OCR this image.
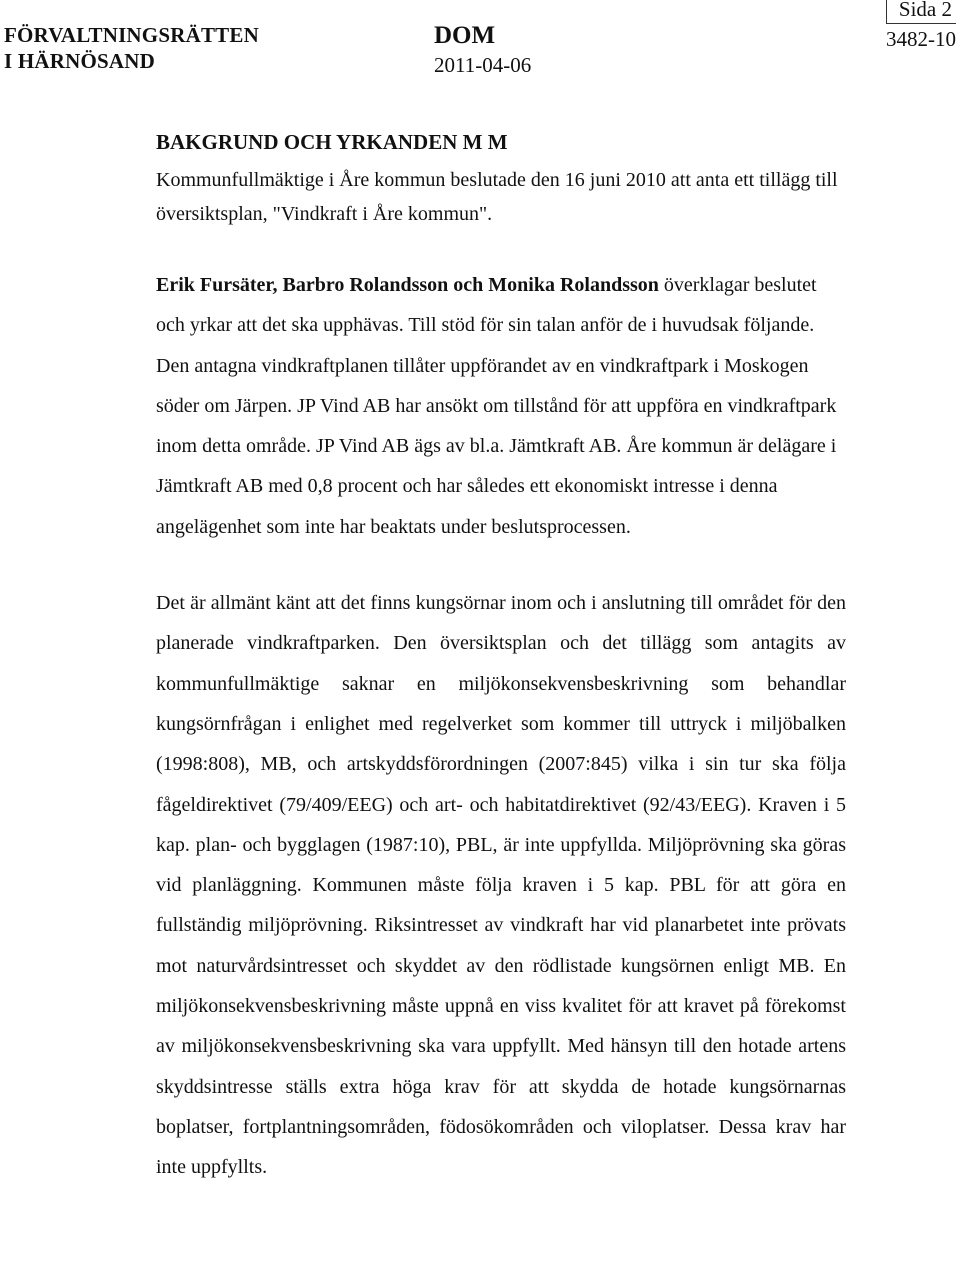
FÖRVALTNINGSRÄTTEN
I HÄRNÖSAND
DOM
2011-04-06
Sida 2
3482-10
BAKGRUND OCH YRKANDEN M M

Kommunfullmäktige i Åre kommun beslutade den 16 juni 2010 att anta ett tillägg till översiktsplan, "Vindkraft i Åre kommun".

Erik Fursäter, Barbro Rolandsson och Monika Rolandsson överklagar beslutet och yrkar att det ska upphävas. Till stöd för sin talan anför de i huvudsak följande. Den antagna vindkraftplanen tillåter uppförandet av en vindkraftpark i Moskogen söder om Järpen. JP Vind AB har ansökt om tillstånd för att uppföra en vindkraftpark inom detta område. JP Vind AB ägs av bl.a. Jämtkraft AB. Åre kommun är delägare i Jämtkraft AB med 0,8 procent och har således ett ekonomiskt intresse i denna angelägenhet som inte har beaktats under beslutsprocessen.

Det är allmänt känt att det finns kungsörnar inom och i anslutning till området för den planerade vindkraftparken. Den översiktsplan och det tillägg som antagits av kommunfullmäktige saknar en miljökonsekvensbeskrivning som behandlar kungsörnfrågan i enlighet med regelverket som kommer till uttryck i miljöbalken (1998:808), MB, och artskyddsförordningen (2007:845) vilka i sin tur ska följa fågeldirektivet (79/409/EEG) och art- och habitatdirektivet (92/43/EEG). Kraven i 5 kap. plan- och bygglagen (1987:10), PBL, är inte uppfyllda. Miljöprövning ska göras vid planläggning. Kommunen måste följa kraven i 5 kap. PBL för att göra en fullständig miljöprövning. Riksintresset av vindkraft har vid planarbetet inte prövats mot naturvårdsintresset och skyddet av den rödlistade kungsörnen enligt MB. En miljökonsekvensbeskrivning måste uppnå en viss kvalitet för att kravet på förekomst av miljökonsekvensbeskrivning ska vara uppfyllt. Med hänsyn till den hotade artens skyddsintresse ställs extra höga krav för att skydda de hotade kungsörnarnas boplatser, fortplantningsområden, födosökområden och viloplatser. Dessa krav har inte uppfyllts.
